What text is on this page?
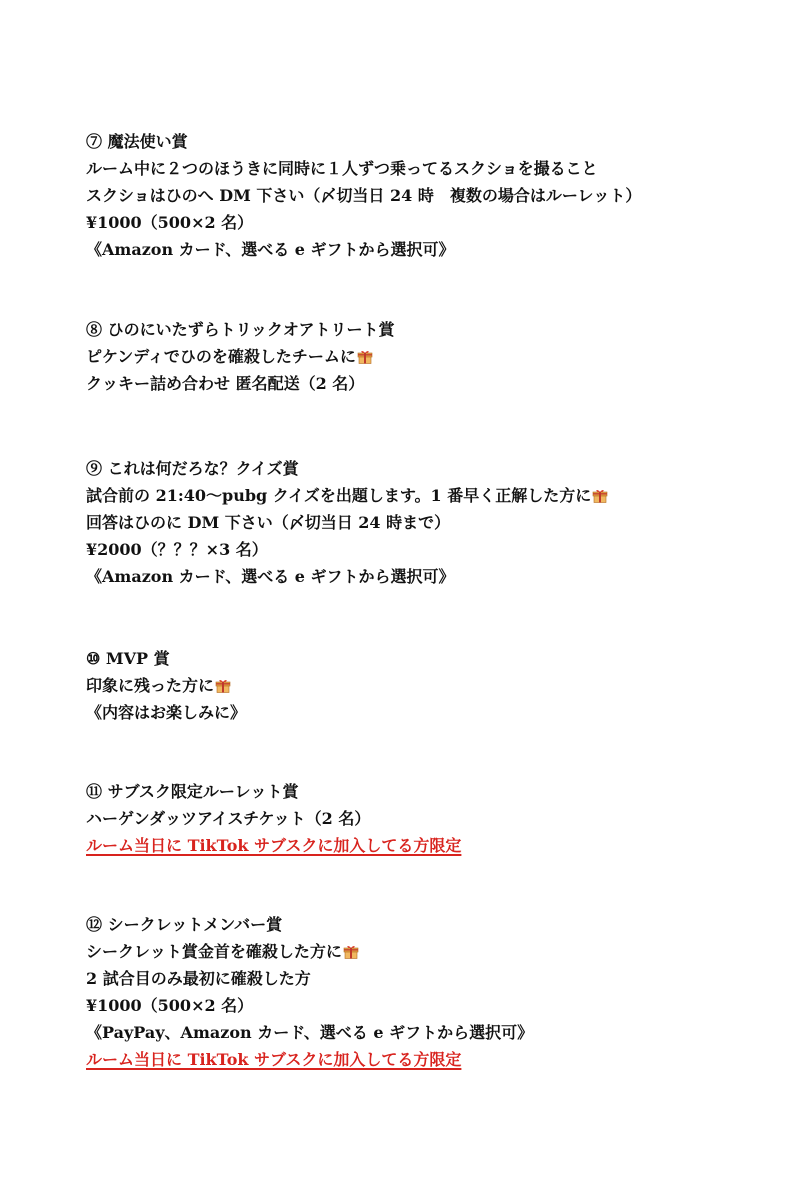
⑦ 魔法使い賞
ルーム中に２つのほうきに同時に１人ずつ乗ってるスクショを撮ること
スクショはひのへ DM 下さい（〆切当日 24 時　複数の場合はルーレット）
¥1000（500×2 名）
《Amazon カード、選べる e ギフトから選択可》
⑧ ひのにいたずらトリックオアトリート賞
ピケンディでひのを確殺したチームに
クッキー詰め合わせ 匿名配送（2 名）
⑨ これは何だろな？クイズ賞
試合前の 21:40〜pubg クイズを出題します。1 番早く正解した方に
回答はひのに DM 下さい（〆切当日 24 時まで）
¥2000（？？？×3 名）
《Amazon カード、選べる e ギフトから選択可》
⑩ MVP 賞
印象に残った方に
《内容はお楽しみに》
⑪ サブスク限定ルーレット賞
ハーゲンダッツアイスチケット（2 名）
ルーム当日に TikTok サブスクに加入してる方限定
⑫ シークレットメンバー賞
シークレット賞金首を確殺した方に
2 試合目のみ最初に確殺した方
¥1000（500×2 名）
《PayPay、Amazon カード、選べる e ギフトから選択可》
ルーム当日に TikTok サブスクに加入してる方限定
